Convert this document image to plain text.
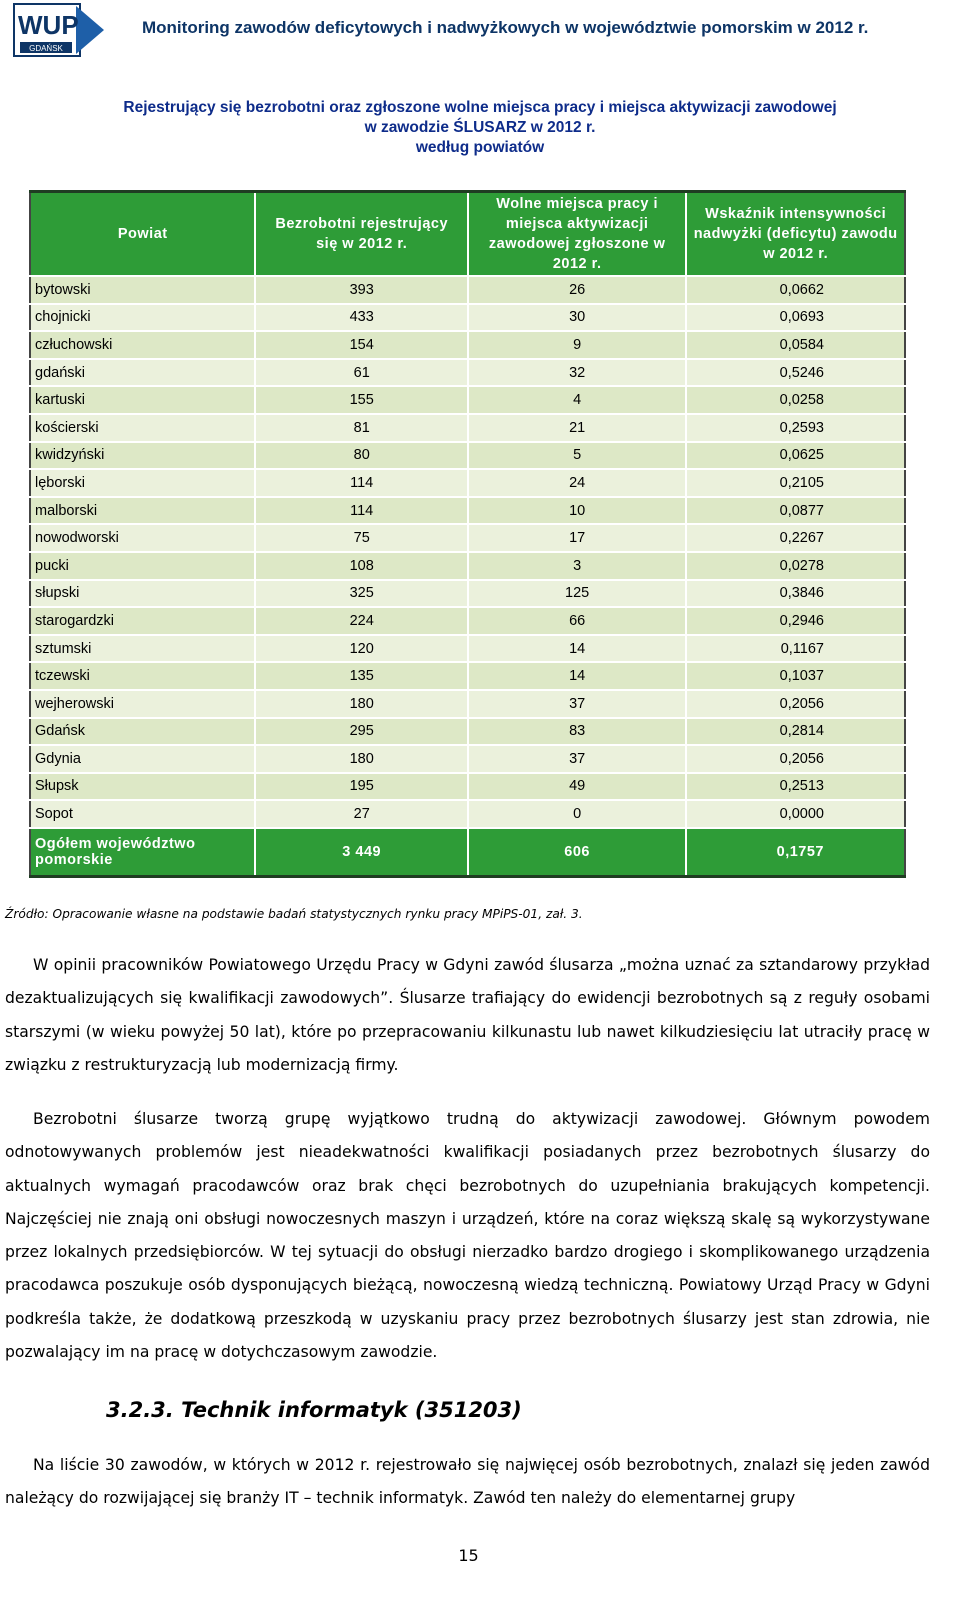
WUP
GDAŃSK
Monitoring zawodów deficytowych i nadwyżkowych w województwie pomorskim w 2012 r.
Rejestrujący się bezrobotni oraz zgłoszone wolne miejsca pracy i miejsca aktywizacji zawodowej
w zawodzie ŚLUSARZ w 2012 r.
według powiatów
Powiat	Bezrobotni rejestrujący się w 2012 r.	Wolne miejsca pracy i miejsca aktywizacji zawodowej zgłoszone w 2012 r.	Wskaźnik intensywności nadwyżki (deficytu) zawodu w 2012 r.
bytowski	393	26	0,0662
chojnicki	433	30	0,0693
człuchowski	154	9	0,0584
gdański	61	32	0,5246
kartuski	155	4	0,0258
kościerski	81	21	0,2593
kwidzyński	80	5	0,0625
lęborski	114	24	0,2105
malborski	114	10	0,0877
nowodworski	75	17	0,2267
pucki	108	3	0,0278
słupski	325	125	0,3846
starogardzki	224	66	0,2946
sztumski	120	14	0,1167
tczewski	135	14	0,1037
wejherowski	180	37	0,2056
Gdańsk	295	83	0,2814
Gdynia	180	37	0,2056
Słupsk	195	49	0,2513
Sopot	27	0	0,0000
Ogółem województwo pomorskie	3 449	606	0,1757
Źródło: Opracowanie własne na podstawie badań statystycznych rynku pracy MPiPS-01, zał. 3.

W opinii pracowników Powiatowego Urzędu Pracy w Gdyni zawód ślusarza „można uznać za sztandarowy przykład dezaktualizujących się kwalifikacji zawodowych”. Ślusarze trafiający do ewidencji bezrobotnych są z reguły osobami starszymi (w wieku powyżej 50 lat), które po przepracowaniu kilkunastu lub nawet kilkudziesięciu lat utraciły pracę w związku z restrukturyzacją lub modernizacją firmy.

Bezrobotni ślusarze tworzą grupę wyjątkowo trudną do aktywizacji zawodowej. Głównym powodem odnotowywanych problemów jest nieadekwatności kwalifikacji posiadanych przez bezrobotnych ślusarzy do aktualnych wymagań pracodawców oraz brak chęci bezrobotnych do uzupełniania brakujących kompetencji. Najczęściej nie znają oni obsługi nowoczesnych maszyn i urządzeń, które na coraz większą skalę są wykorzystywane przez lokalnych przedsiębiorców. W tej sytuacji do obsługi nierzadko bardzo drogiego i skomplikowanego urządzenia pracodawca poszukuje osób dysponujących bieżącą, nowoczesną wiedzą techniczną. Powiatowy Urząd Pracy w Gdyni podkreśla także, że dodatkową przeszkodą w uzyskaniu pracy przez bezrobotnych ślusarzy jest stan zdrowia, nie pozwalający im na pracę w dotychczasowym zawodzie.

3.2.3. Technik informatyk (351203)

Na liście 30 zawodów, w których w 2012 r. rejestrowało się najwięcej osób bezrobotnych, znalazł się jeden zawód należący do rozwijającej się branży IT – technik informatyk. Zawód ten należy do elementarnej grupy

15
